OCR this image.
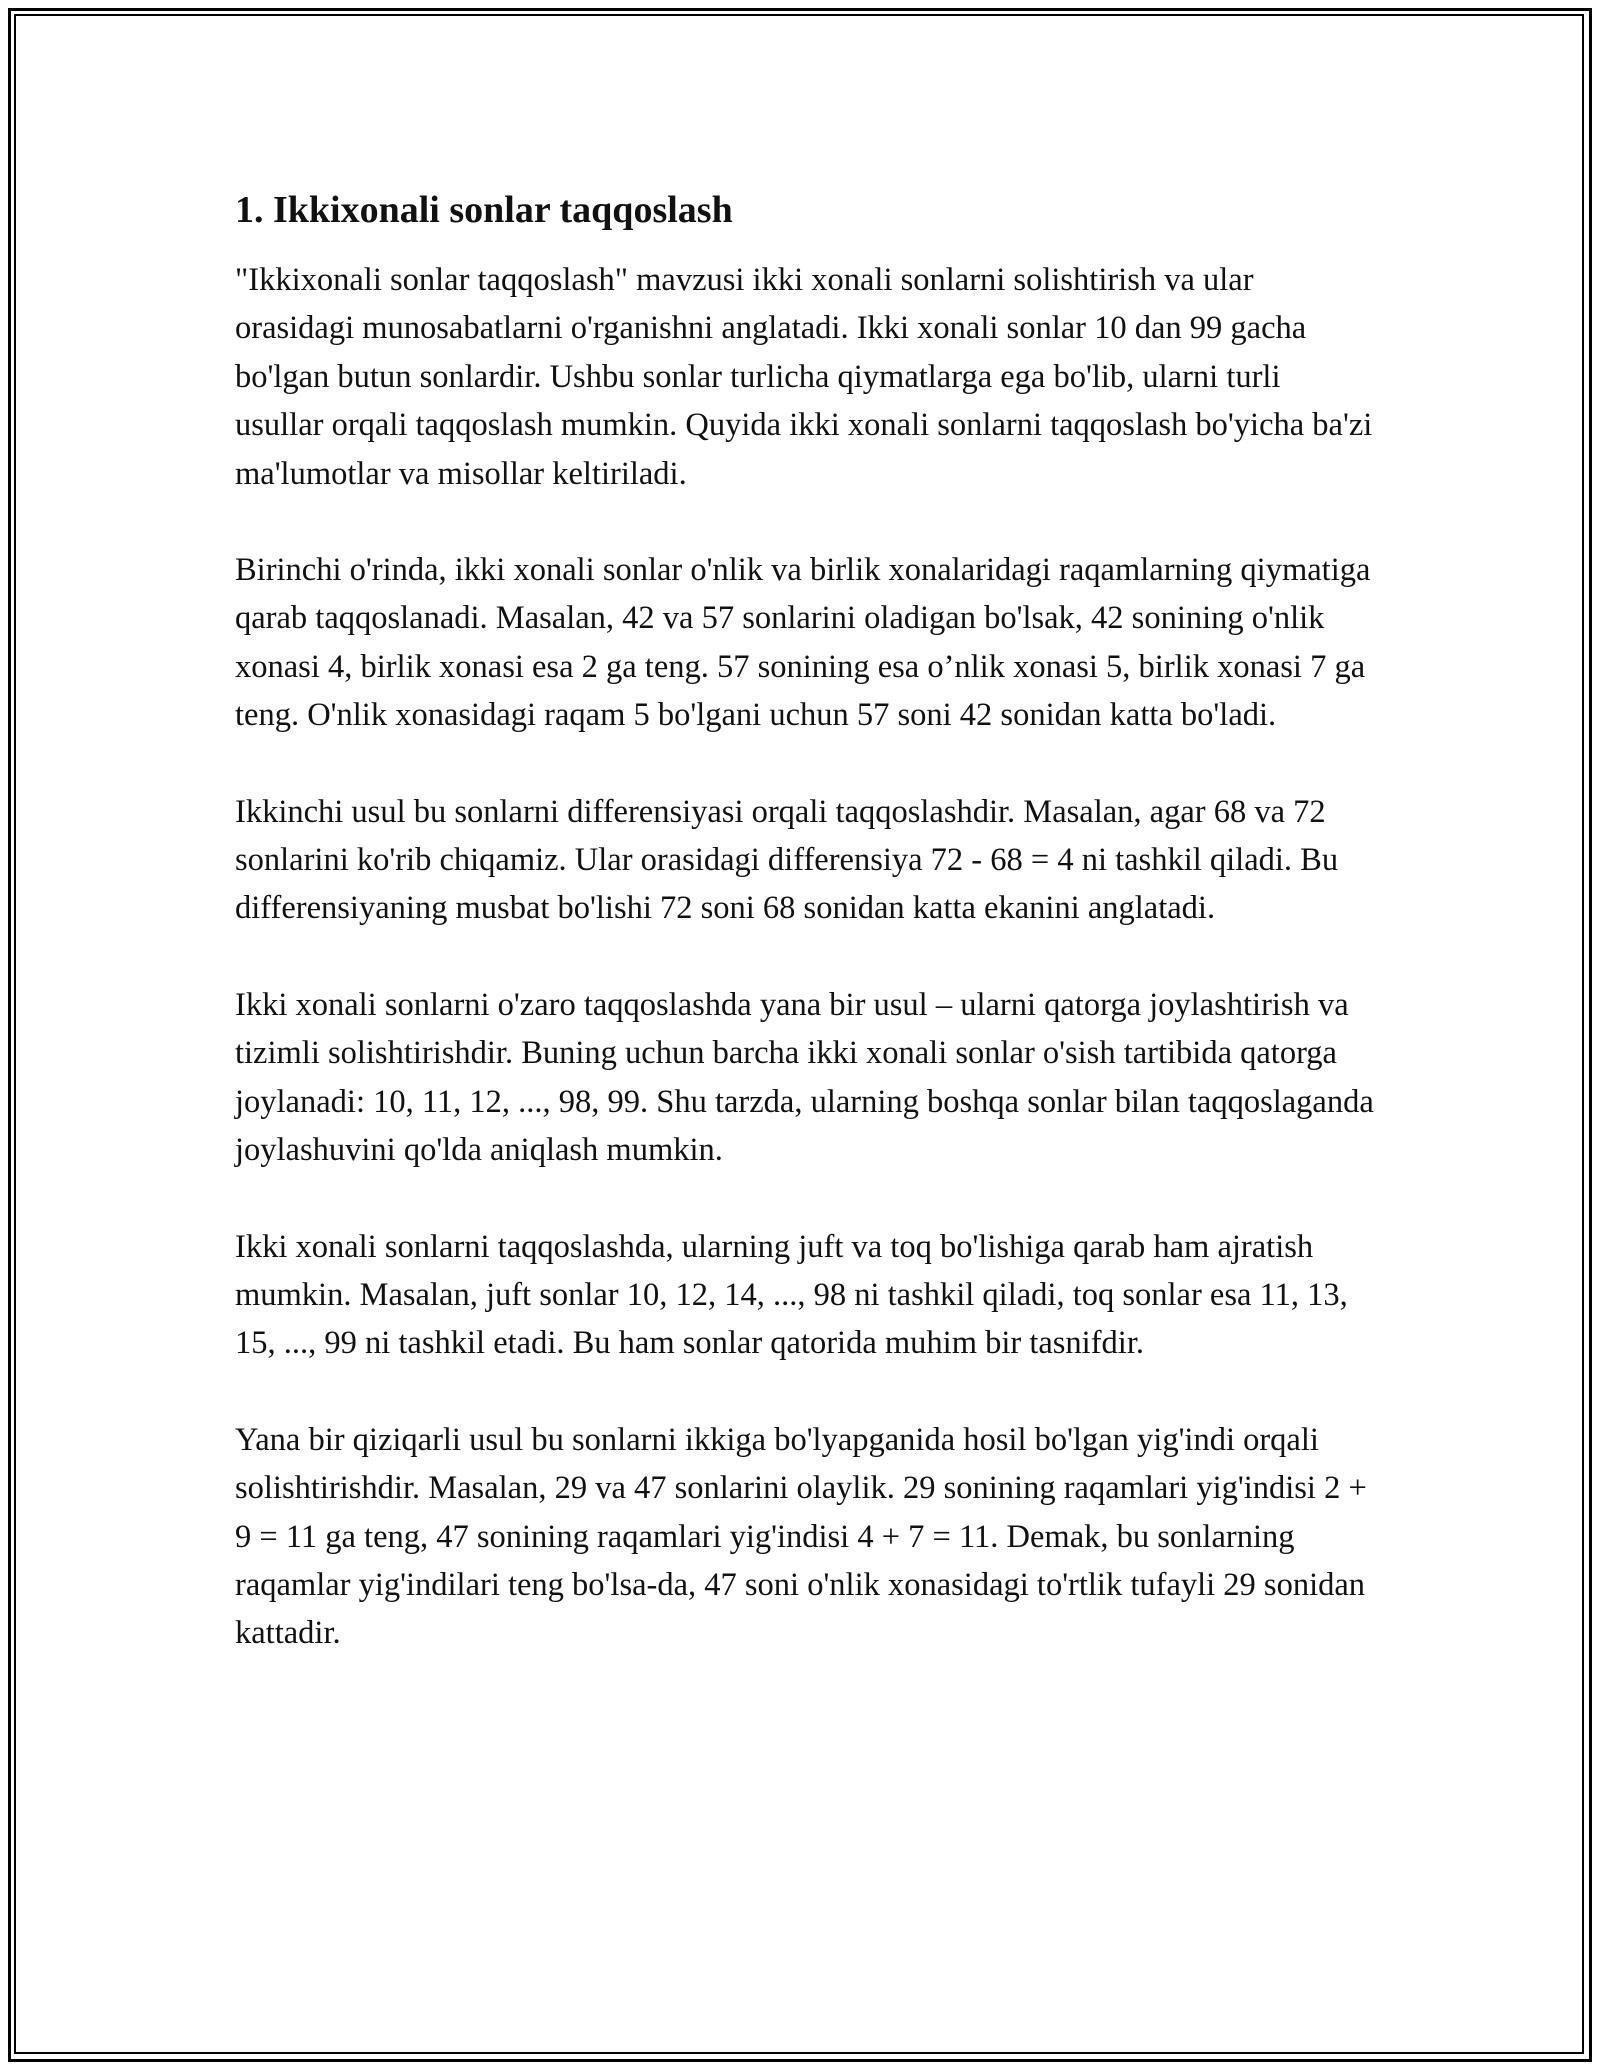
1. Ikkixonali sonlar taqqoslash

"Ikkixonali sonlar taqqoslash" mavzusi ikki xonali sonlarni solishtirish va ular orasidagi munosabatlarni o'rganishni anglatadi. Ikki xonali sonlar 10 dan 99 gacha bo'lgan butun sonlardir. Ushbu sonlar turlicha qiymatlarga ega bo'lib, ularni turli usullar orqali taqqoslash mumkin. Quyida ikki xonali sonlarni taqqoslash bo'yicha ba'zi ma'lumotlar va misollar keltiriladi.

Birinchi o'rinda, ikki xonali sonlar o'nlik va birlik xonalaridagi raqamlarning qiymatiga qarab taqqoslanadi. Masalan, 42 va 57 sonlarini oladigan bo'lsak, 42 sonining o'nlik xonasi 4, birlik xonasi esa 2 ga teng. 57 sonining esa o’nlik xonasi 5, birlik xonasi 7 ga teng. O'nlik xonasidagi raqam 5 bo'lgani uchun 57 soni 42 sonidan katta bo'ladi.

Ikkinchi usul bu sonlarni differensiyasi orqali taqqoslashdir. Masalan, agar 68 va 72 sonlarini ko'rib chiqamiz. Ular orasidagi differensiya 72 - 68 = 4 ni tashkil qiladi. Bu differensiyaning musbat bo'lishi 72 soni 68 sonidan katta ekanini anglatadi.

Ikki xonali sonlarni o'zaro taqqoslashda yana bir usul – ularni qatorga joylashtirish va tizimli solishtirishdir. Buning uchun barcha ikki xonali sonlar o'sish tartibida qatorga joylanadi: 10, 11, 12, ..., 98, 99. Shu tarzda, ularning boshqa sonlar bilan taqqoslaganda joylashuvini qo'lda aniqlash mumkin.

Ikki xonali sonlarni taqqoslashda, ularning juft va toq bo'lishiga qarab ham ajratish mumkin. Masalan, juft sonlar 10, 12, 14, ..., 98 ni tashkil qiladi, toq sonlar esa 11, 13, 15, ..., 99 ni tashkil etadi. Bu ham sonlar qatorida muhim bir tasnifdir.

Yana bir qiziqarli usul bu sonlarni ikkiga bo'lyapganida hosil bo'lgan yig'indi orqali solishtirishdir. Masalan, 29 va 47 sonlarini olaylik. 29 sonining raqamlari yig'indisi 2 + 9 = 11 ga teng, 47 sonining raqamlari yig'indisi 4 + 7 = 11. Demak, bu sonlarning raqamlar yig'indilari teng bo'lsa-da, 47 soni o'nlik xonasidagi to'rtlik tufayli 29 sonidan kattadir.
